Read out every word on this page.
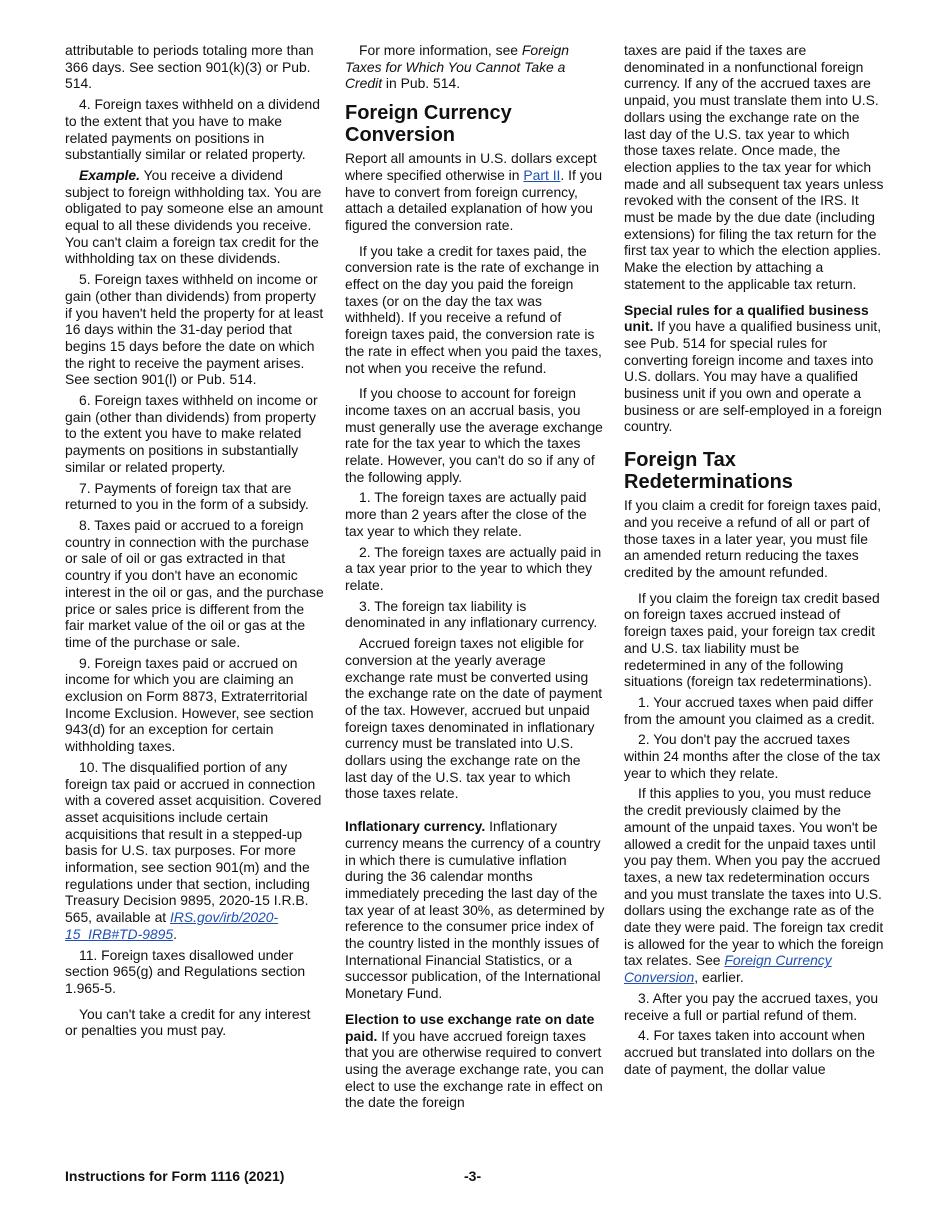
attributable to periods totaling more than 366 days. See section 901(k)(3) or Pub. 514.

4. Foreign taxes withheld on a dividend to the extent that you have to make related payments on positions in substantially similar or related property.

Example. You receive a dividend subject to foreign withholding tax. You are obligated to pay someone else an amount equal to all these dividends you receive. You can't claim a foreign tax credit for the withholding tax on these dividends.

5. Foreign taxes withheld on income or gain (other than dividends) from property if you haven't held the property for at least 16 days within the 31-day period that begins 15 days before the date on which the right to receive the payment arises. See section 901(l) or Pub. 514.

6. Foreign taxes withheld on income or gain (other than dividends) from property to the extent you have to make related payments on positions in substantially similar or related property.

7. Payments of foreign tax that are returned to you in the form of a subsidy.

8. Taxes paid or accrued to a foreign country in connection with the purchase or sale of oil or gas extracted in that country if you don't have an economic interest in the oil or gas, and the purchase price or sales price is different from the fair market value of the oil or gas at the time of the purchase or sale.

9. Foreign taxes paid or accrued on income for which you are claiming an exclusion on Form 8873, Extraterritorial Income Exclusion. However, see section 943(d) for an exception for certain withholding taxes.

10. The disqualified portion of any foreign tax paid or accrued in connection with a covered asset acquisition. Covered asset acquisitions include certain acquisitions that result in a stepped-up basis for U.S. tax purposes. For more information, see section 901(m) and the regulations under that section, including Treasury Decision 9895, 2020-15 I.R.B. 565, available at IRS.gov/irb/2020-15_IRB#TD-9895.

11. Foreign taxes disallowed under section 965(g) and Regulations section 1.965-5.

You can't take a credit for any interest or penalties you must pay.

For more information, see Foreign Taxes for Which You Cannot Take a Credit in Pub. 514.

Foreign Currency Conversion

Report all amounts in U.S. dollars except where specified otherwise in Part II. If you have to convert from foreign currency, attach a detailed explanation of how you figured the conversion rate.

If you take a credit for taxes paid, the conversion rate is the rate of exchange in effect on the day you paid the foreign taxes (or on the day the tax was withheld). If you receive a refund of foreign taxes paid, the conversion rate is the rate in effect when you paid the taxes, not when you receive the refund.

If you choose to account for foreign income taxes on an accrual basis, you must generally use the average exchange rate for the tax year to which the taxes relate. However, you can't do so if any of the following apply.

1. The foreign taxes are actually paid more than 2 years after the close of the tax year to which they relate.

2. The foreign taxes are actually paid in a tax year prior to the year to which they relate.

3. The foreign tax liability is denominated in any inflationary currency.

Accrued foreign taxes not eligible for conversion at the yearly average exchange rate must be converted using the exchange rate on the date of payment of the tax. However, accrued but unpaid foreign taxes denominated in inflationary currency must be translated into U.S. dollars using the exchange rate on the last day of the U.S. tax year to which those taxes relate.

Inflationary currency. Inflationary currency means the currency of a country in which there is cumulative inflation during the 36 calendar months immediately preceding the last day of the tax year of at least 30%, as determined by reference to the consumer price index of the country listed in the monthly issues of International Financial Statistics, or a successor publication, of the International Monetary Fund.

Election to use exchange rate on date paid. If you have accrued foreign taxes that you are otherwise required to convert using the average exchange rate, you can elect to use the exchange rate in effect on the date the foreign

taxes are paid if the taxes are denominated in a nonfunctional foreign currency. If any of the accrued taxes are unpaid, you must translate them into U.S. dollars using the exchange rate on the last day of the U.S. tax year to which those taxes relate. Once made, the election applies to the tax year for which made and all subsequent tax years unless revoked with the consent of the IRS. It must be made by the due date (including extensions) for filing the tax return for the first tax year to which the election applies. Make the election by attaching a statement to the applicable tax return.

Special rules for a qualified business unit. If you have a qualified business unit, see Pub. 514 for special rules for converting foreign income and taxes into U.S. dollars. You may have a qualified business unit if you own and operate a business or are self-employed in a foreign country.

Foreign Tax Redeterminations

If you claim a credit for foreign taxes paid, and you receive a refund of all or part of those taxes in a later year, you must file an amended return reducing the taxes credited by the amount refunded.

If you claim the foreign tax credit based on foreign taxes accrued instead of foreign taxes paid, your foreign tax credit and U.S. tax liability must be redetermined in any of the following situations (foreign tax redeterminations).

1. Your accrued taxes when paid differ from the amount you claimed as a credit.

2. You don't pay the accrued taxes within 24 months after the close of the tax year to which they relate.

If this applies to you, you must reduce the credit previously claimed by the amount of the unpaid taxes. You won't be allowed a credit for the unpaid taxes until you pay them. When you pay the accrued taxes, a new tax redetermination occurs and you must translate the taxes into U.S. dollars using the exchange rate as of the date they were paid. The foreign tax credit is allowed for the year to which the foreign tax relates. See Foreign Currency Conversion, earlier.

3. After you pay the accrued taxes, you receive a full or partial refund of them.

4. For taxes taken into account when accrued but translated into dollars on the date of payment, the dollar value

Instructions for Form 1116 (2021)	-3-
